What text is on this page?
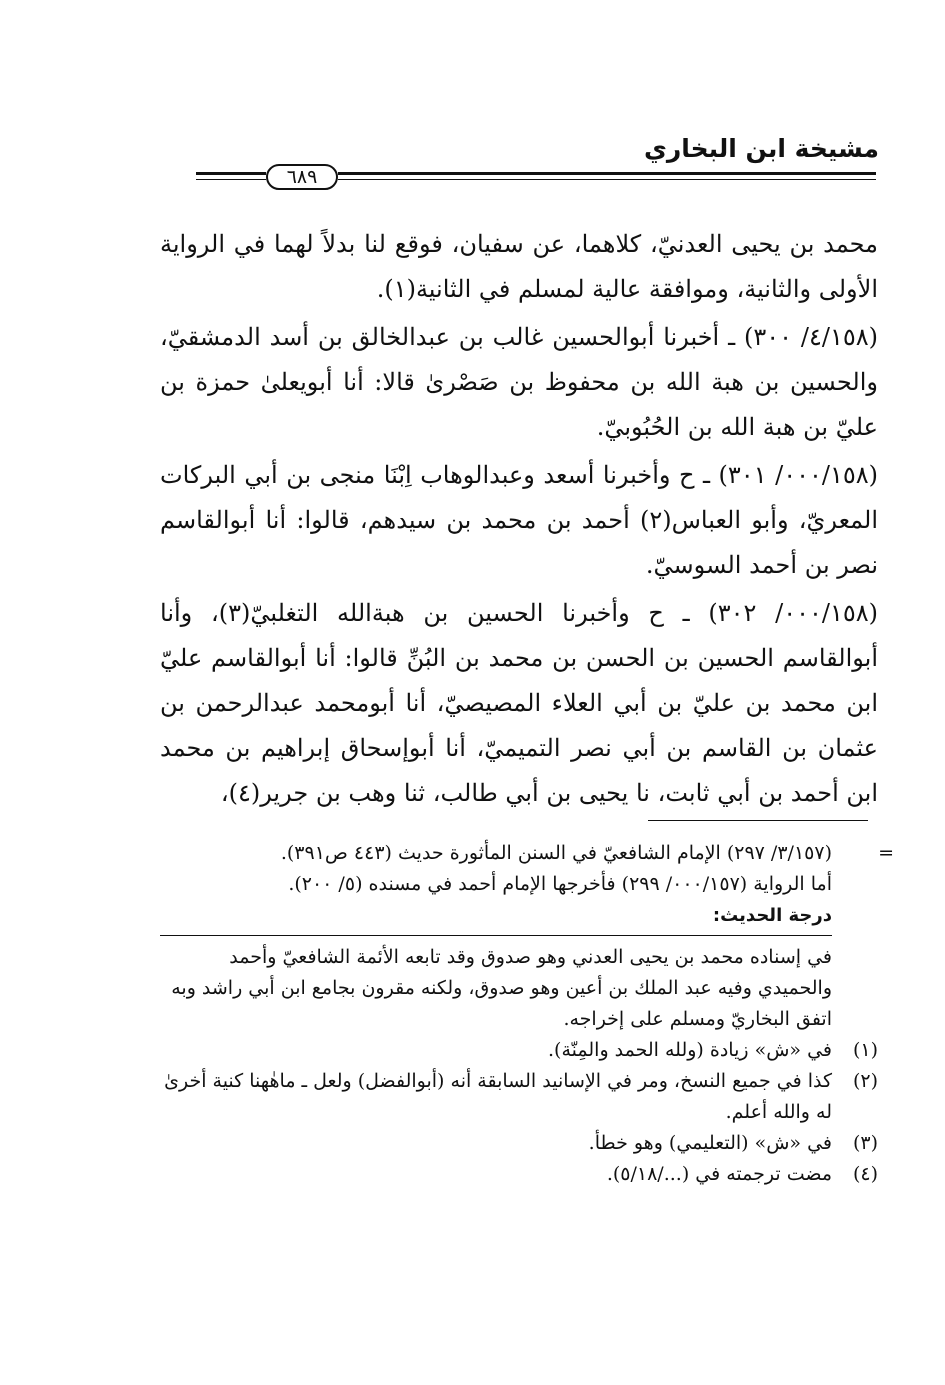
مشيخة ابن البخاري
٦٨٩

محمد بن يحيى العدنيّ، كلاهما، عن سفيان، فوقع لنا بدلاً لهما في الرواية الأولى والثانية، وموافقة عالية لمسلم في الثانية(١).

(٤/١٥٨/ ٣٠٠) ـ أخبرنا أبوالحسين غالب بن عبدالخالق بن أسد الدمشقيّ، والحسين بن هبة الله بن محفوظ بن صَصْرىٰ قالا: أنا أبويعلىٰ حمزة بن عليّ بن هبة الله بن الحُبُوبيّ.

(٠٠٠/١٥٨/ ٣٠١) ـ ح وأخبرنا أسعد وعبدالوهاب اِبْنَا منجى بن أبي البركات المعريّ، وأبو العباس(٢) أحمد بن محمد بن سيدهم، قالوا: أنا أبوالقاسم نصر بن أحمد السوسيّ.

(٠٠٠/١٥٨/ ٣٠٢) ـ ح وأخبرنا الحسين بن هبةالله التغلبيّ(٣)، وأنا أبوالقاسم الحسين بن الحسن بن محمد بن البُنِّ قالوا: أنا أبوالقاسم عليّ ابن محمد بن عليّ بن أبي العلاء المصيصيّ، أنا أبومحمد عبدالرحمن بن عثمان بن القاسم بن أبي نصر التميميّ، أنا أبوإسحاق إبراهيم بن محمد ابن أحمد بن أبي ثابت، نا يحيى بن أبي طالب، ثنا وهب بن جرير(٤)،

=
(٣/١٥٧/ ٢٩٧) الإمام الشافعيّ في السنن المأثورة حديث (٤٤٣ ص٣٩١).
أما الرواية (٠٠٠/١٥٧/ ٢٩٩) فأخرجها الإمام أحمد في مسنده (٥/ ٢٠٠).
درجة الحديث:
في إسناده محمد بن يحيى العدني وهو صدوق وقد تابعه الأئمة الشافعيّ وأحمد والحميدي وفيه عبد الملك بن أعين وهو صدوق، ولكنه مقرون بجامع ابن أبي راشد وبه اتفق البخاريّ ومسلم على إخراجه.
(١)
في «ش» زيادة (ولله الحمد والمِنّة).
(٢)
كذا في جميع النسخ، ومر في الإسانيد السابقة أنه (أبوالفضل) ولعل ـ ماهٰهنا كنية أخرىٰ له والله أعلم.
(٣)
في «ش» (التعليمي) وهو خطأ.
(٤)
مضت ترجمته في (.../٥/١٨).
